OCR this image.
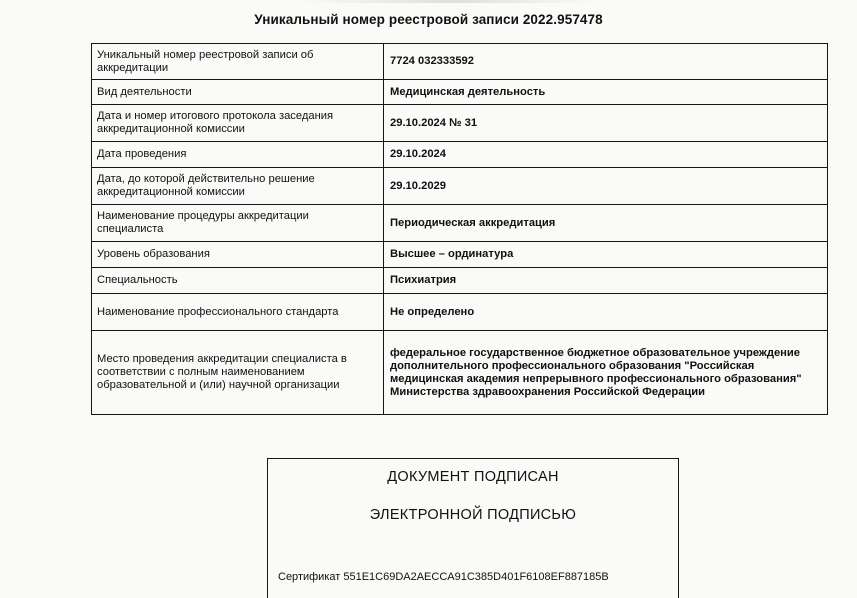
Уникальный номер реестровой записи 2022.957478
Уникальный номер реестровой записи об аккредитации	7724 032333592
Вид деятельности	Медицинская деятельность
Дата и номер итогового протокола заседания аккредитационной комиссии	29.10.2024 № 31
Дата проведения	29.10.2024
Дата, до которой действительно решение аккредитационной комиссии	29.10.2029
Наименование процедуры аккредитации специалиста	Периодическая аккредитация
Уровень образования	Высшее – ординатура
Специальность	Психиатрия
Наименование профессионального стандарта	Не определено
Место проведения аккредитации специалиста в соответствии с полным наименованием образовательной и (или) научной организации	федеральное государственное бюджетное образовательное учреждение дополнительного профессионального образования "Российская медицинская академия непрерывного профессионального образования" Министерства здравоохранения Российской Федерации
ДОКУМЕНТ ПОДПИСАН
ЭЛЕКТРОННОЙ ПОДПИСЬЮ
Сертификат 551E1C69DA2AECCA91C385D401F6108EF887185B
